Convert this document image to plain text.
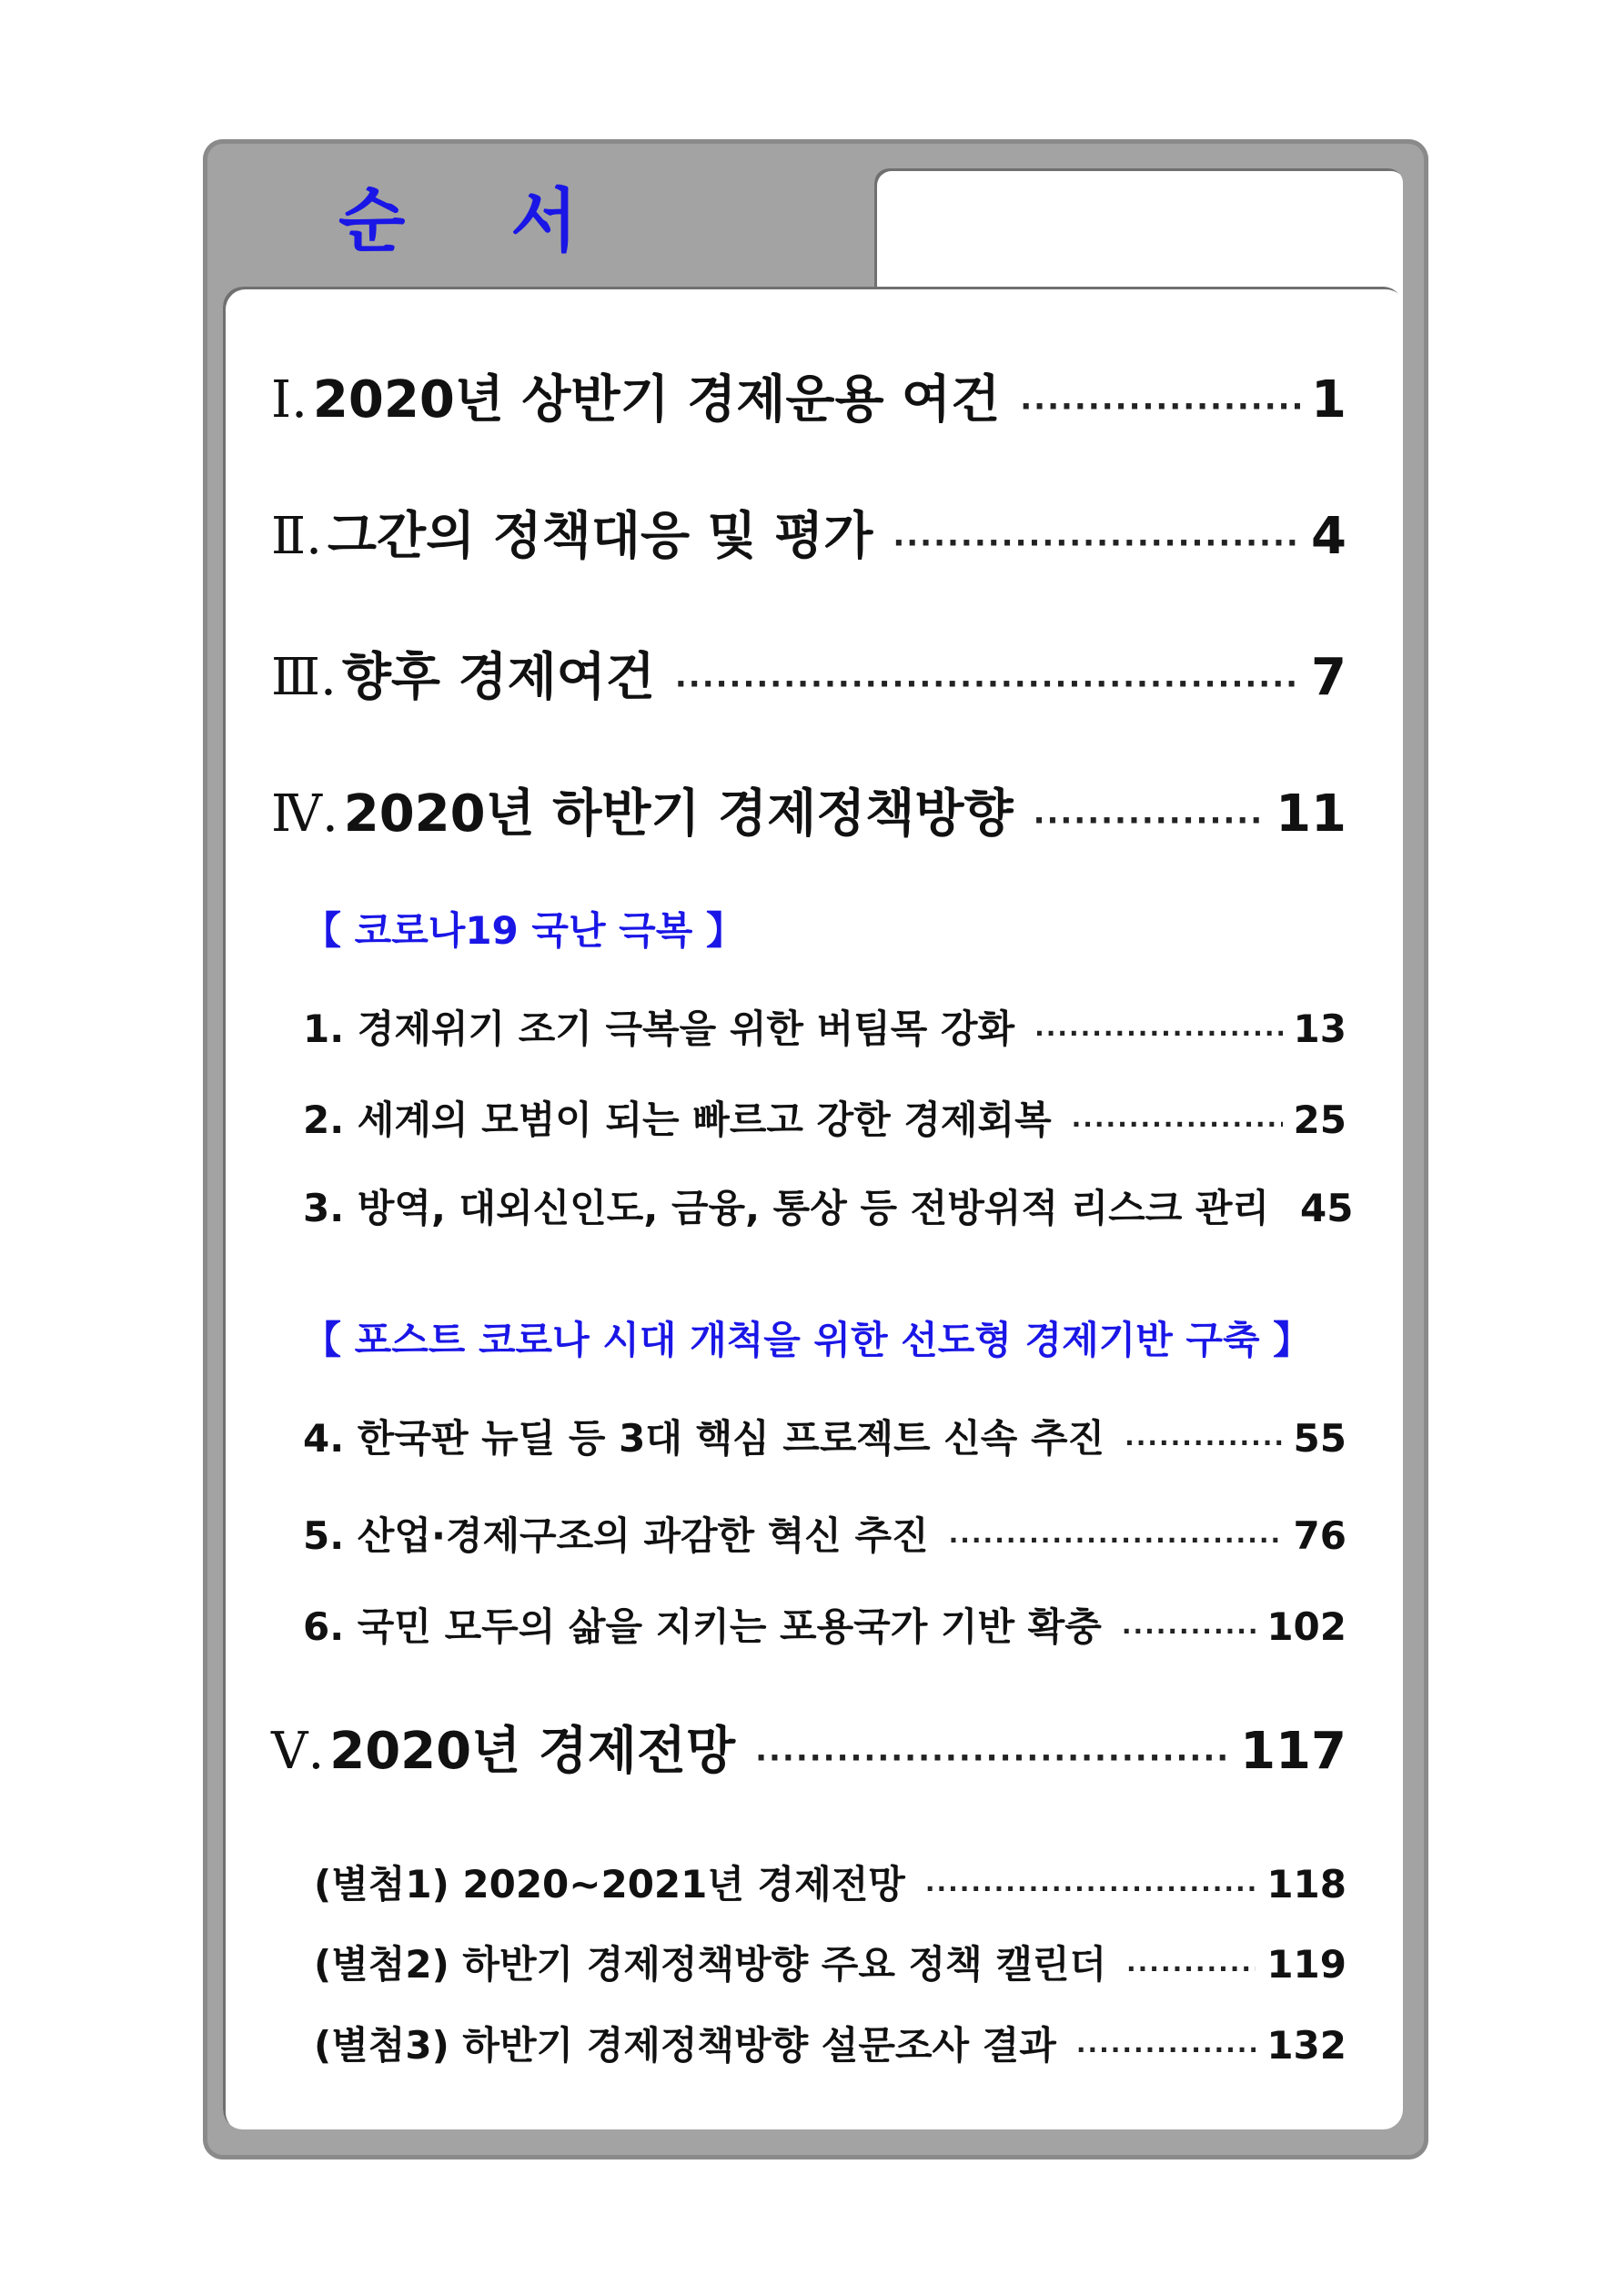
순    서
Ⅰ. 2020년 상반기 경제운용 여건 ·····	1
Ⅱ. 그간의 정책대응 및 평가 ·····	4
Ⅲ. 향후 경제여건 ·····	7
Ⅳ. 2020년 하반기 경제정책방향 ·····	11
【 코로나19 국난 극복 】
1. 경제위기 조기 극복을 위한 버팀목 강화 ·····	13
2. 세계의 모범이 되는 빠르고 강한 경제회복 ·····	25
3. 방역, 대외신인도, 금융, 통상 등 전방위적 리스크 관리 45
【 포스트 코로나 시대 개척을 위한 선도형 경제기반 구축 】
4. 한국판 뉴딜 등 3대 핵심 프로젝트 신속 추진 ·····	55
5. 산업·경제구조의 과감한 혁신 추진 ·····	76
6. 국민 모두의 삶을 지키는 포용국가 기반 확충 ·····	102
Ⅴ. 2020년 경제전망 ·····	117
(별첨1) 2020~2021년 경제전망 ·····	118
(별첨2) 하반기 경제정책방향 주요 정책 캘린더 ·····	119
(별첨3) 하반기 경제정책방향 설문조사 결과 ·····	132
